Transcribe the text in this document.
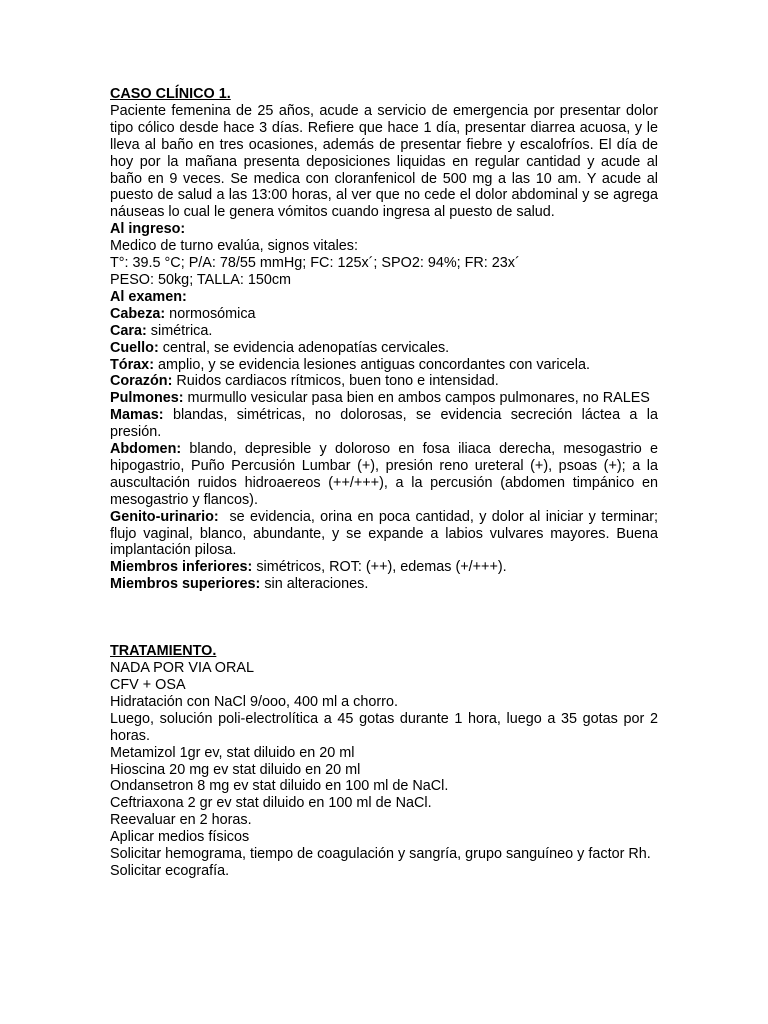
CASO CLÍNICO 1.

Paciente femenina de 25 años, acude a servicio de emergencia por presentar dolor tipo cólico desde hace 3 días. Refiere que hace 1 día, presentar diarrea acuosa, y le lleva al baño en tres ocasiones, además de presentar fiebre y escalofríos. El día de hoy por la mañana presenta deposiciones liquidas en regular cantidad y acude al baño en 9 veces. Se medica con cloranfenicol de 500 mg a las 10 am. Y acude al puesto de salud a las 13:00 horas, al ver que no cede el dolor abdominal y se agrega náuseas lo cual le genera vómitos cuando ingresa al puesto de salud.

Al ingreso:

Medico de turno evalúa, signos vitales:

T°: 39.5 °C; P/A: 78/55 mmHg; FC: 125x´; SPO2: 94%; FR: 23x´

PESO: 50kg; TALLA: 150cm

Al examen:

Cabeza: normosómica

Cara: simétrica.

Cuello: central, se evidencia adenopatías cervicales.

Tórax: amplio, y se evidencia lesiones antiguas concordantes con varicela.

Corazón: Ruidos cardiacos rítmicos, buen tono e intensidad.

Pulmones: murmullo vesicular pasa bien en ambos campos pulmonares, no RALES

Mamas: blandas, simétricas, no dolorosas, se evidencia secreción láctea a la presión.

Abdomen: blando, depresible y doloroso en fosa iliaca derecha, mesogastrio e hipogastrio, Puño Percusión Lumbar (+), presión reno ureteral (+), psoas (+); a la auscultación ruidos hidroaereos (++/+++), a la percusión (abdomen timpánico en mesogastrio y flancos).

Genito-urinario:  se evidencia, orina en poca cantidad, y dolor al iniciar y terminar; flujo vaginal, blanco, abundante, y se expande a labios vulvares mayores. Buena implantación pilosa.

Miembros inferiores: simétricos, ROT: (++), edemas (+/+++).

Miembros superiores: sin alteraciones.

TRATAMIENTO.

NADA POR VIA ORAL

CFV + OSA

Hidratación con NaCl 9/ooo, 400 ml a chorro.

Luego, solución poli-electrolítica a 45 gotas durante 1 hora, luego a 35 gotas por 2 horas.

Metamizol 1gr ev, stat diluido en 20 ml

Hioscina 20 mg ev stat diluido en 20 ml

Ondansetron 8 mg ev stat diluido en 100 ml de NaCl.

Ceftriaxona 2 gr ev stat diluido en 100 ml de NaCl.

Reevaluar en 2 horas.

Aplicar medios físicos

Solicitar hemograma, tiempo de coagulación y sangría, grupo sanguíneo y factor Rh.

Solicitar ecografía.
